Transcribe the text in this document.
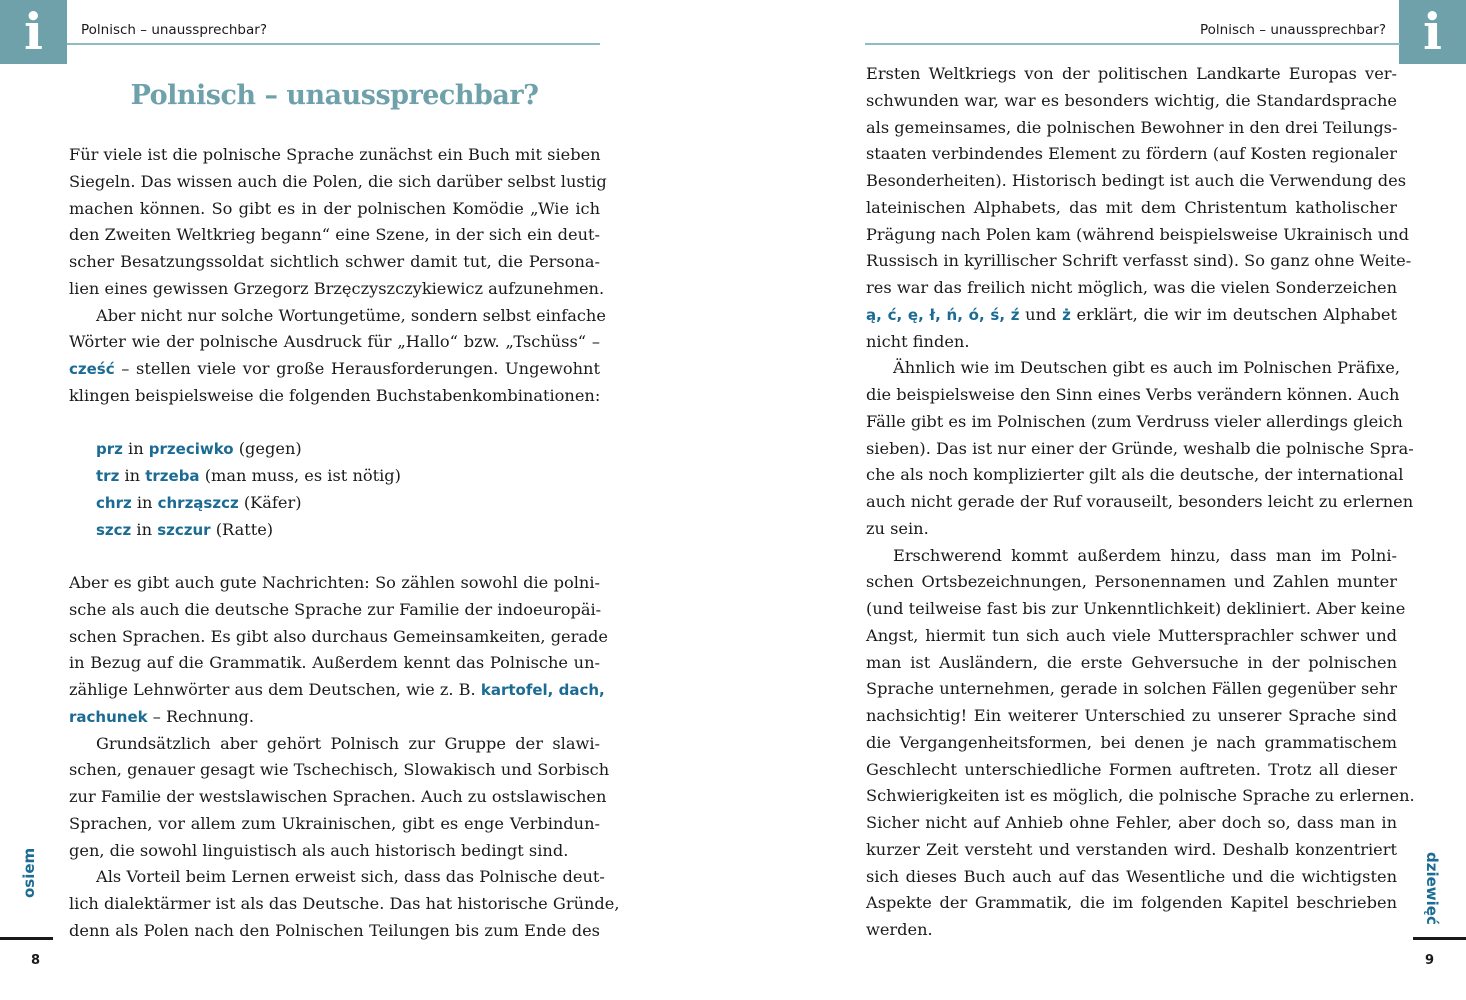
i	Polnisch – unaussprechbar?
Polnisch – unaussprechbar?
Für viele ist die polnische Sprache zunächst ein Buch mit sieben
Siegeln. Das wissen auch die Polen, die sich darüber selbst lustig
machen können. So gibt es in der polnischen Komödie „Wie ich
den Zweiten Weltkrieg begann“ eine Szene, in der sich ein deut-
scher Besatzungssoldat sichtlich schwer damit tut, die Persona-
lien eines gewissen Grzegorz Brzęczyszczykiewicz aufzunehmen.
Aber nicht nur solche Wortungetüme, sondern selbst einfache
Wörter wie der polnische Ausdruck für „Hallo“ bzw. „Tschüss“ –
cześć – stellen viele vor große Herausforderungen. Ungewohnt
klingen beispielsweise die folgenden Buchstabenkombinationen:
prz in przeciwko (gegen)
trz in trzeba (man muss, es ist nötig)
chrz in chrząszcz (Käfer)
szcz in szczur (Ratte)
Aber es gibt auch gute Nachrichten: So zählen sowohl die polni-
sche als auch die deutsche Sprache zur Familie der indoeuropäi-
schen Sprachen. Es gibt also durchaus Gemeinsamkeiten, gerade
in Bezug auf die Grammatik. Außerdem kennt das Polnische un-
zählige Lehnwörter aus dem Deutschen, wie z. B. kartofel, dach,
rachunek – Rechnung.
Grundsätzlich aber gehört Polnisch zur Gruppe der slawi-
schen, genauer gesagt wie Tschechisch, Slowakisch und Sorbisch
zur Familie der westslawischen Sprachen. Auch zu ostslawischen
Sprachen, vor allem zum Ukrainischen, gibt es enge Verbindun-
gen, die sowohl linguistisch als auch historisch bedingt sind.
Als Vorteil beim Lernen erweist sich, dass das Polnische deut-
lich dialektärmer ist als das Deutsche. Das hat historische Gründe,
denn als Polen nach den Polnischen Teilungen bis zum Ende des
osiem
8
i
Polnisch – unaussprechbar?
Ersten Weltkriegs von der politischen Landkarte Europas ver-
schwunden war, war es besonders wichtig, die Standardsprache
als gemeinsames, die polnischen Bewohner in den drei Teilungs-
staaten verbindendes Element zu fördern (auf Kosten regionaler
Besonderheiten). Historisch bedingt ist auch die Verwendung des
lateinischen Alphabets, das mit dem Christentum katholischer
Prägung nach Polen kam (während beispielsweise Ukrainisch und
Russisch in kyrillischer Schrift verfasst sind). So ganz ohne Weite-
res war das freilich nicht möglich, was die vielen Sonderzeichen
ą, ć, ę, ł, ń, ó, ś, ź und ż erklärt, die wir im deutschen Alphabet
nicht finden.
Ähnlich wie im Deutschen gibt es auch im Polnischen Präfixe,
die beispielsweise den Sinn eines Verbs verändern können. Auch
Fälle gibt es im Polnischen (zum Verdruss vieler allerdings gleich
sieben). Das ist nur einer der Gründe, weshalb die polnische Spra-
che als noch komplizierter gilt als die deutsche, der international
auch nicht gerade der Ruf vorauseilt, besonders leicht zu erlernen
zu sein.
Erschwerend kommt außerdem hinzu, dass man im Polni-
schen Ortsbezeichnungen, Personennamen und Zahlen munter
(und teilweise fast bis zur Unkenntlichkeit) dekliniert. Aber keine
Angst, hiermit tun sich auch viele Muttersprachler schwer und
man ist Ausländern, die erste Gehversuche in der polnischen
Sprache unternehmen, gerade in solchen Fällen gegenüber sehr
nachsichtig! Ein weiterer Unterschied zu unserer Sprache sind
die Vergangenheitsformen, bei denen je nach grammatischem
Geschlecht unterschiedliche Formen auftreten. Trotz all dieser
Schwierigkeiten ist es möglich, die polnische Sprache zu erlernen.
Sicher nicht auf Anhieb ohne Fehler, aber doch so, dass man in
kurzer Zeit versteht und verstanden wird. Deshalb konzentriert
sich dieses Buch auch auf das Wesentliche und die wichtigsten
Aspekte der Grammatik, die im folgenden Kapitel beschrieben
werden.
dziewięć
9
